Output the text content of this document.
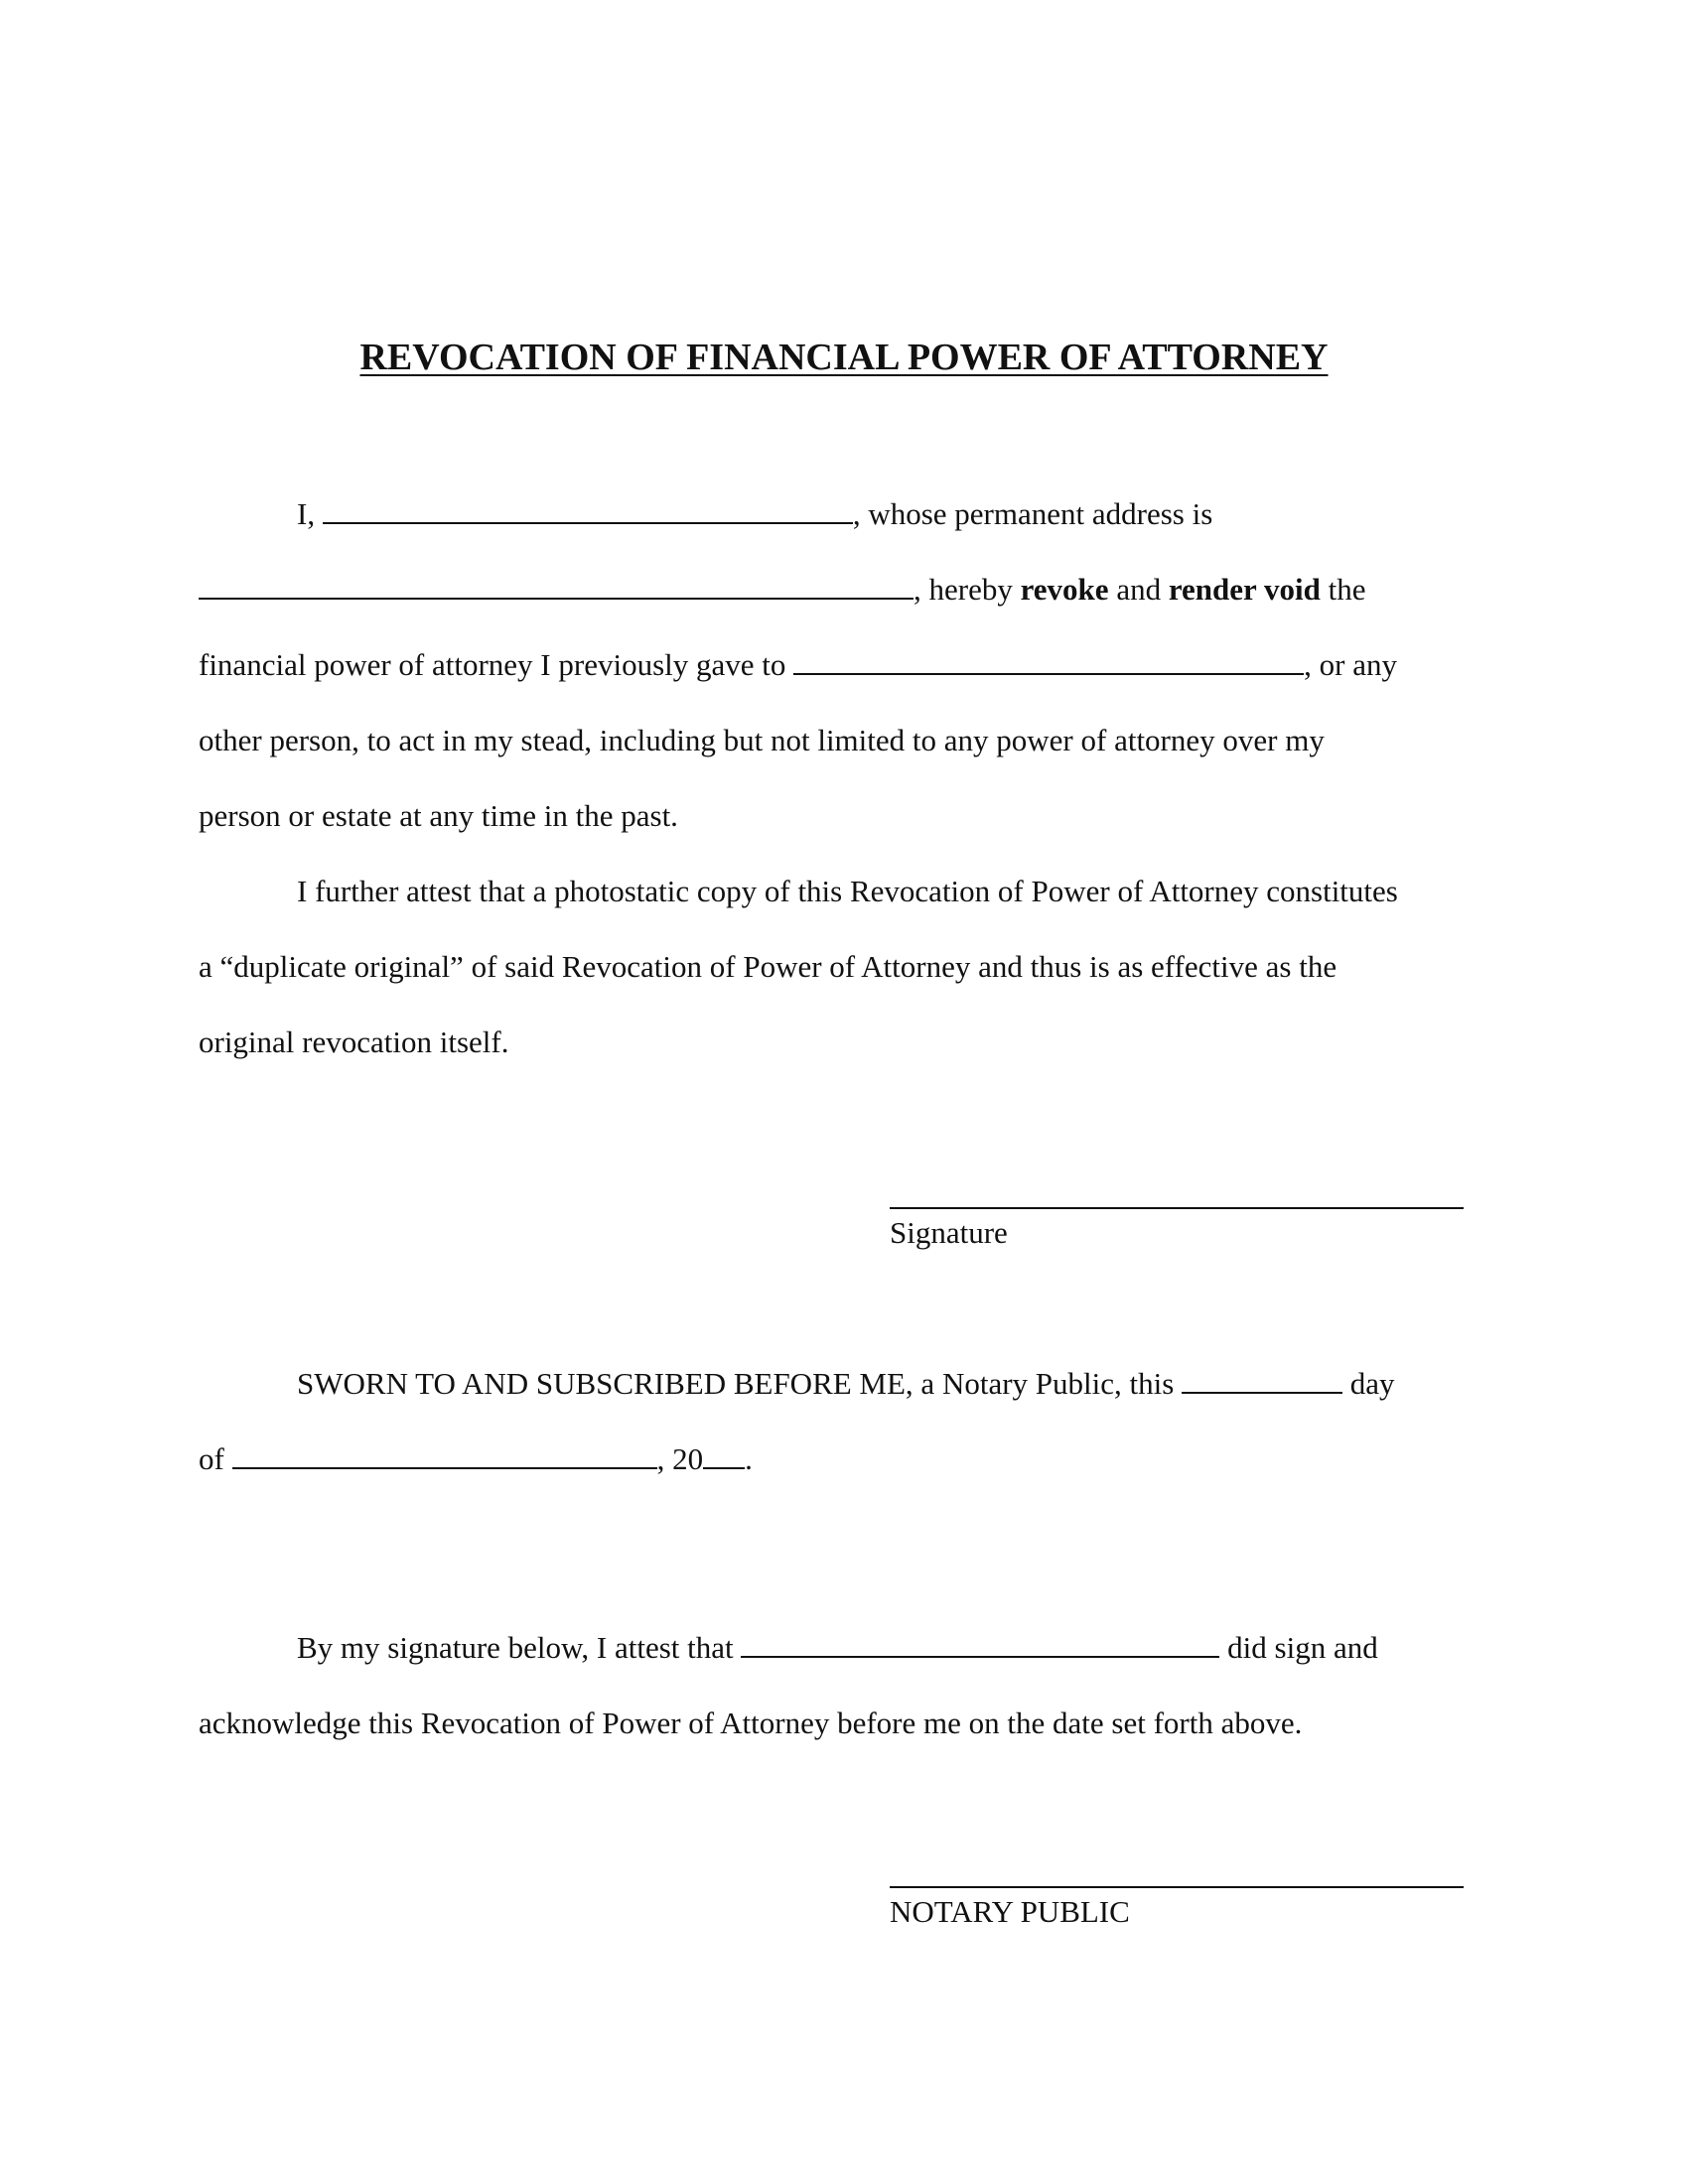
REVOCATION OF FINANCIAL POWER OF ATTORNEY
I,	, whose permanent address is
, hereby revoke and render void the
financial power of attorney I previously gave to	, or any
other person, to act in my stead, including but not limited to any power of attorney over my
person or estate at any time in the past.
I further attest that a photostatic copy of this Revocation of Power of Attorney constitutes
a “duplicate original” of said Revocation of Power of Attorney and thus is as effective as the
original revocation itself.
Signature
SWORN TO AND SUBSCRIBED BEFORE ME, a Notary Public, this	day
of	, 20 .
By my signature below, I attest that	did sign and
acknowledge this Revocation of Power of Attorney before me on the date set forth above.
NOTARY PUBLIC
